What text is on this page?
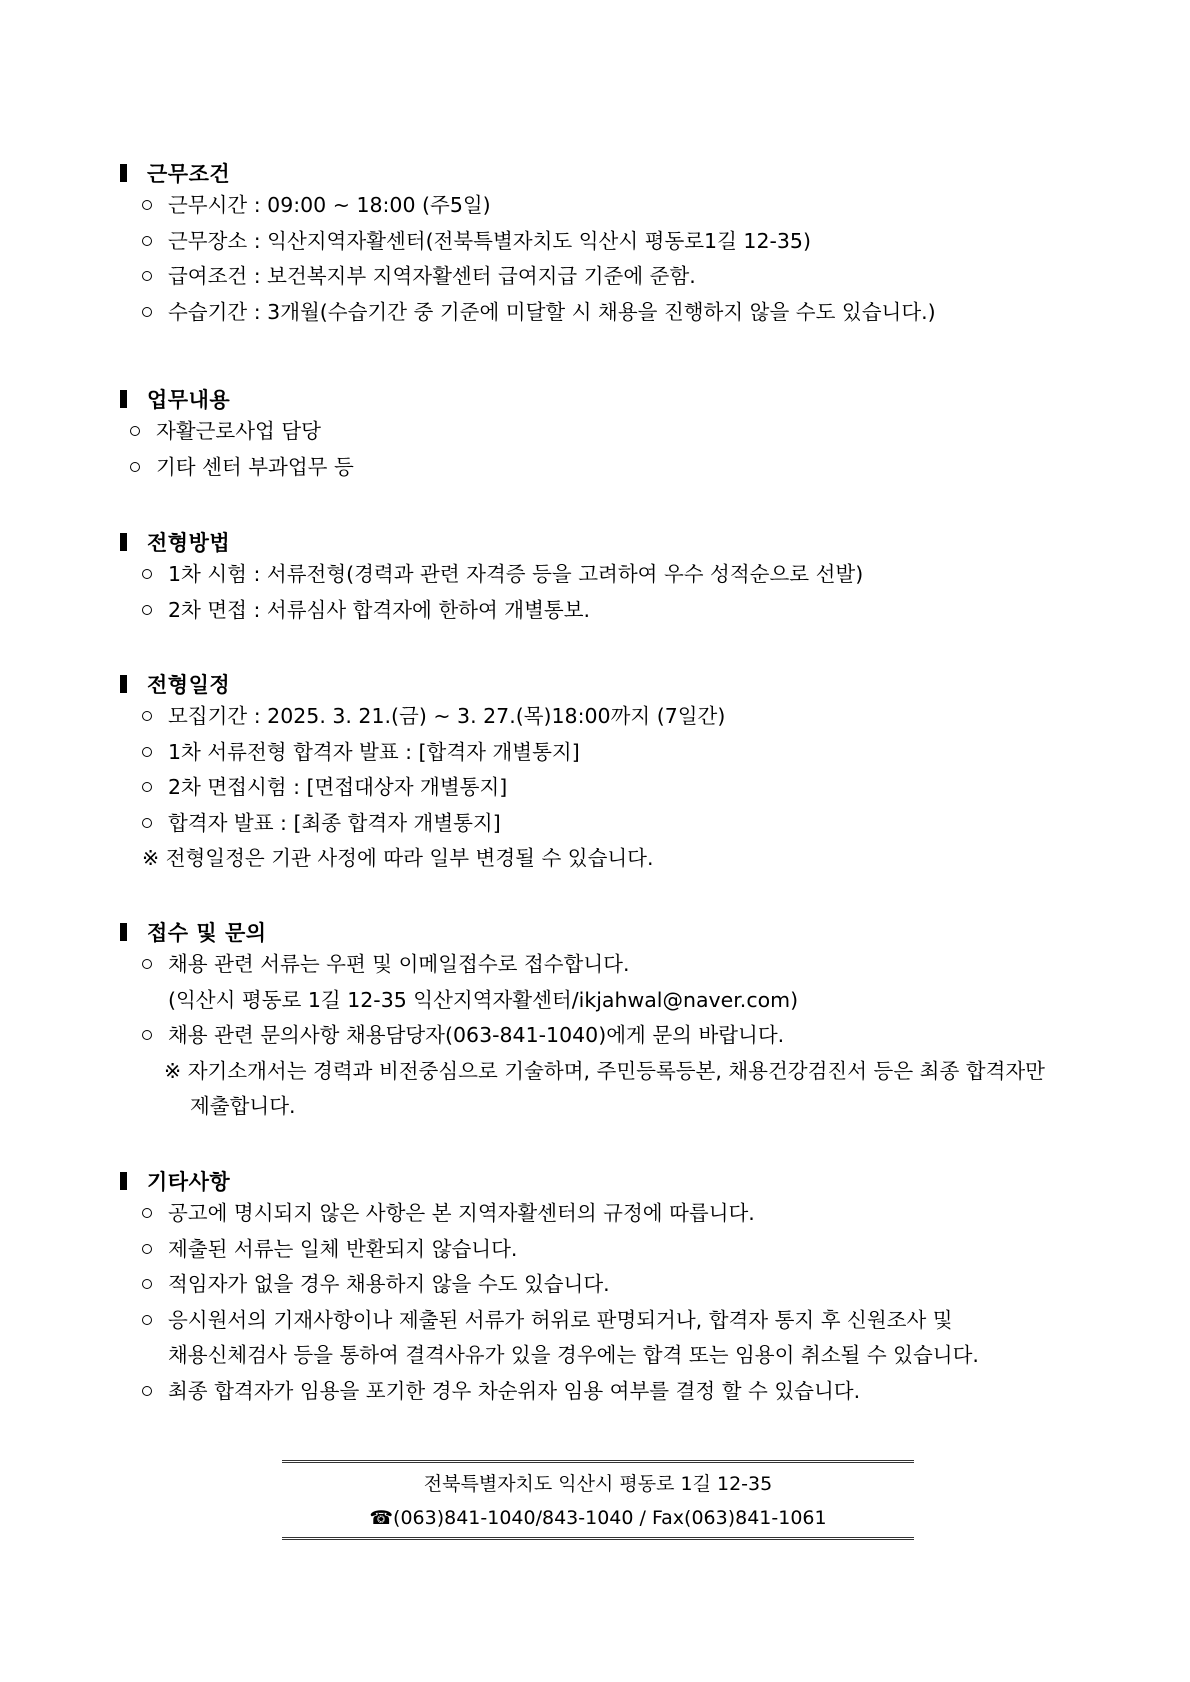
근무조건
근무시간 : 09:00 ~ 18:00 (주5일)
근무장소 : 익산지역자활센터(전북특별자치도 익산시 평동로1길 12-35)
급여조건 : 보건복지부 지역자활센터 급여지급 기준에 준함.
수습기간 : 3개월(수습기간 중 기준에 미달할 시 채용을 진행하지 않을 수도 있습니다.)
업무내용
자활근로사업 담당
기타 센터 부과업무 등
전형방법
1차 시험 : 서류전형(경력과 관련 자격증 등을 고려하여 우수 성적순으로 선발)
2차 면접 : 서류심사 합격자에 한하여 개별통보.
전형일정
모집기간 : 2025. 3. 21.(금) ~ 3. 27.(목)18:00까지 (7일간)
1차 서류전형 합격자 발표 : [합격자 개별통지]
2차 면접시험 : [면접대상자 개별통지]
합격자 발표 : [최종 합격자 개별통지]
※ 전형일정은 기관 사정에 따라 일부 변경될 수 있습니다.
접수 및 문의
채용 관련 서류는 우편 및 이메일접수로 접수합니다.
(익산시 평동로 1길 12-35 익산지역자활센터/ikjahwal@naver.com)
채용 관련 문의사항 채용담당자(063-841-1040)에게 문의 바랍니다.
※ 자기소개서는 경력과 비전중심으로 기술하며, 주민등록등본, 채용건강검진서 등은 최종 합격자만
제출합니다.
기타사항
공고에 명시되지 않은 사항은 본 지역자활센터의 규정에 따릅니다.
제출된 서류는 일체 반환되지 않습니다.
적임자가 없을 경우 채용하지 않을 수도 있습니다.
응시원서의 기재사항이나 제출된 서류가 허위로 판명되거나, 합격자 통지 후 신원조사 및
채용신체검사 등을 통하여 결격사유가 있을 경우에는 합격 또는 임용이 취소될 수 있습니다.
최종 합격자가 임용을 포기한 경우 차순위자 임용 여부를 결정 할 수 있습니다.
전북특별자치도 익산시 평동로 1길 12-35
☎(063)841-1040/843-1040 / Fax(063)841-1061
